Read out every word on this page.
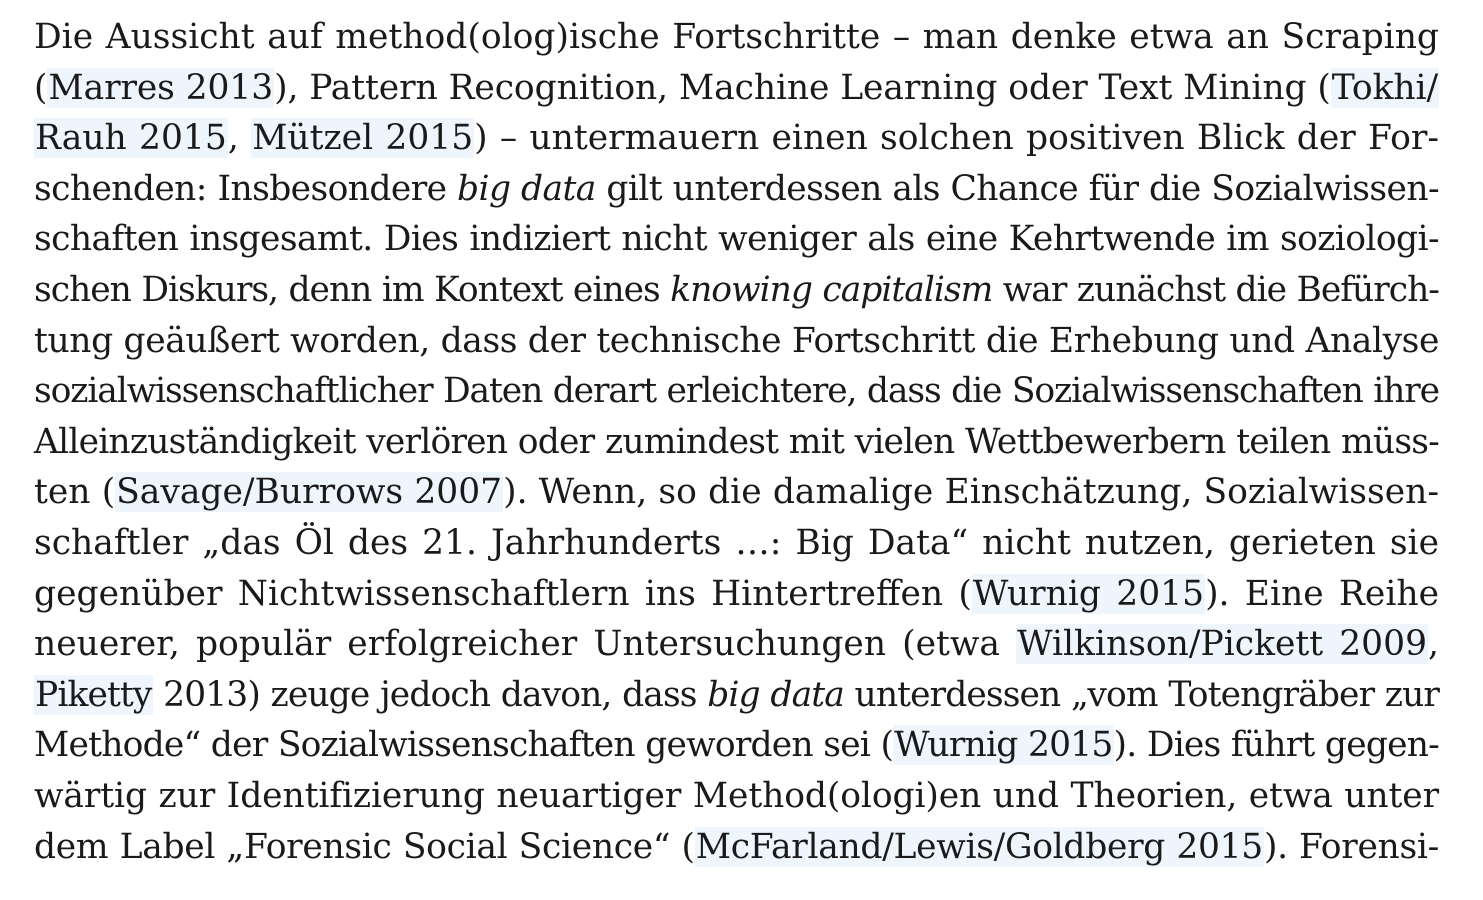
Die Aussicht auf method(olog)ische Fortschritte – man denke etwa an Scraping
(Marres 2013), Pattern Recognition, Machine Learning oder Text Mining (Tokhi/
Rauh 2015, Mützel 2015) – untermauern einen solchen positiven Blick der For-
schenden: Insbesondere big data gilt unterdessen als Chance für die Sozialwissen-
schaften insgesamt. Dies indiziert nicht weniger als eine Kehrtwende im soziologi-
schen Diskurs, denn im Kontext eines knowing capitalism war zunächst die Befürch-
tung geäußert worden, dass der technische Fortschritt die Erhebung und Analyse
sozialwissenschaftlicher Daten derart erleichtere, dass die Sozialwissenschaften ihre
Alleinzuständigkeit verlören oder zumindest mit vielen Wettbewerbern teilen müss-
ten (Savage/Burrows 2007). Wenn, so die damalige Einschätzung, Sozialwissen-
schaftler „das Öl des 21. Jahrhunderts …: Big Data“ nicht nutzen, gerieten sie
gegenüber Nichtwissenschaftlern ins Hintertreffen (Wurnig 2015). Eine Reihe
neuerer, populär erfolgreicher Untersuchungen (etwa Wilkinson/Pickett 2009,
Piketty 2013) zeuge jedoch davon, dass big data unterdessen „vom Totengräber zur
Methode“ der Sozialwissenschaften geworden sei (Wurnig 2015). Dies führt gegen-
wärtig zur Identifizierung neuartiger Method(ologi)en und Theorien, etwa unter
dem Label „Forensic Social Science“ (McFarland/Lewis/Goldberg 2015). Forensi-
